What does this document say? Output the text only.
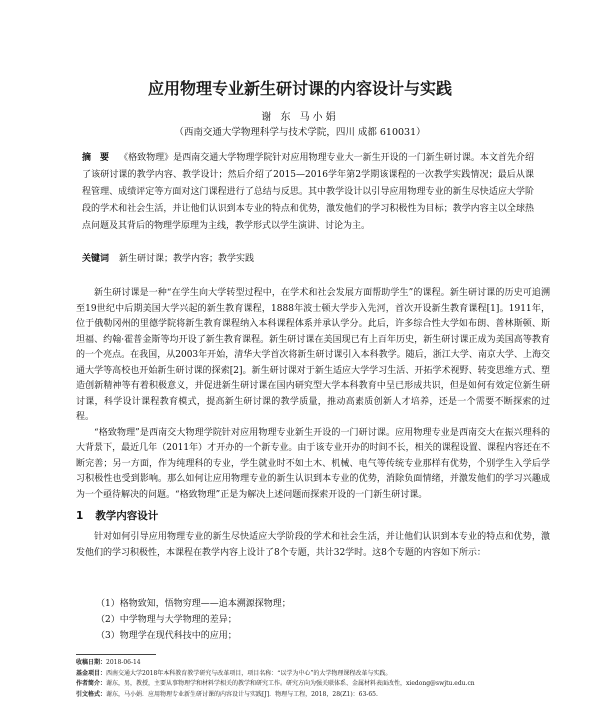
应用物理专业新生研讨课的内容设计与实践
谢 东 马小娟
（西南交通大学物理科学与技术学院，四川 成都 610031）
摘　要 《格致物理》是西南交通大学物理学院针对应用物理专业大一新生开设的一门新生研讨课。本文首先介绍了该研讨课的教学内容、教学设计；然后介绍了2015—2016学年第2学期该课程的一次教学实践情况；最后从课程管理、成绩评定等方面对这门课程进行了总结与反思。其中教学设计以引导应用物理专业的新生尽快适应大学阶段的学术和社会生活，并让他们认识到本专业的特点和优势，激发他们的学习积极性为目标；教学内容主以全球热点问题及其背后的物理学原理为主线，教学形式以学生演讲、讨论为主。
关键词 新生研讨课；教学内容；教学实践

新生研讨课是一种“在学生向大学转型过程中，在学术和社会发展方面帮助学生”的课程。新生研讨课的历史可追溯至19世纪中后期美国大学兴起的新生教育课程，1888年波士顿大学步入先河，首次开设新生教育课程[1]。1911年，位于俄勒冈州的里德学院将新生教育课程纳入本科课程体系并承认学分。此后，许多综合性大学如布朗、普林斯顿、斯坦福、约翰·霍普金斯等均开设了新生教育课程。新生研讨课在美国现已有上百年历史，新生研讨课正成为美国高等教育的一个亮点。在我国，从2003年开始，清华大学首次将新生研讨课引入本科教学。随后，浙江大学、南京大学、上海交通大学等高校也开始新生研讨课的探索[2]。新生研讨课对于新生适应大学学习生活、开拓学术视野、转变思维方式、塑造创新精神等有着积极意义，并促进新生研讨课在国内研究型大学本科教育中呈已形成共识，但是如何有效定位新生研讨课，科学设计课程教育模式，提高新生研讨课的教学质量，推动高素质创新人才培养，还是一个需要不断探索的过程。

“格致物理”是西南交大物理学院针对应用物理专业新生开设的一门研讨课。应用物理专业是西南交大在振兴理科的大背景下，最近几年（2011年）才开办的一个新专业。由于该专业开办的时间不长，相关的课程设置、课程内容还在不断完善；另一方面，作为纯理科的专业，学生就业时不如土木、机械、电气等传统专业那样有优势，个别学生入学后学习积极性也受到影响。那么如何让应用物理专业的新生认识到本专业的优势，消除负面情绪，并激发他们的学习兴趣成为一个亟待解决的问题。“格致物理”正是为解决上述问题而探索开设的一门新生研讨课。

1 教学内容设计

针对如何引导应用物理专业的新生尽快适应大学阶段的学术和社会生活，并让他们认识到本专业的特点和优势，激发他们的学习积极性，本课程在教学内容上设计了8个专题，共计32学时。这8个专题的内容如下所示：

（1）格物致知，悟物穷理——追本溯源探物理；
（2）中学物理与大学物理的差异；
（3）物理学在现代科技中的应用；
收稿日期：2018-06-14
基金项目：西南交通大学2018年本科教育教学研究与改革项目，项目名称：“以学为中心”的大学物理课程改革与实践。
作者简介：谢东，男，教授，主要从事物理学和材料学相关的教学和研究工作。研究方向为强关联体系、金属材料表面改性，xiedong@swjtu.edu.cn
引文格式：谢东，马小娟．应用物理专业新生研讨课的内容设计与实践[J]．物理与工程，2018，28(Z1)：63-65.
